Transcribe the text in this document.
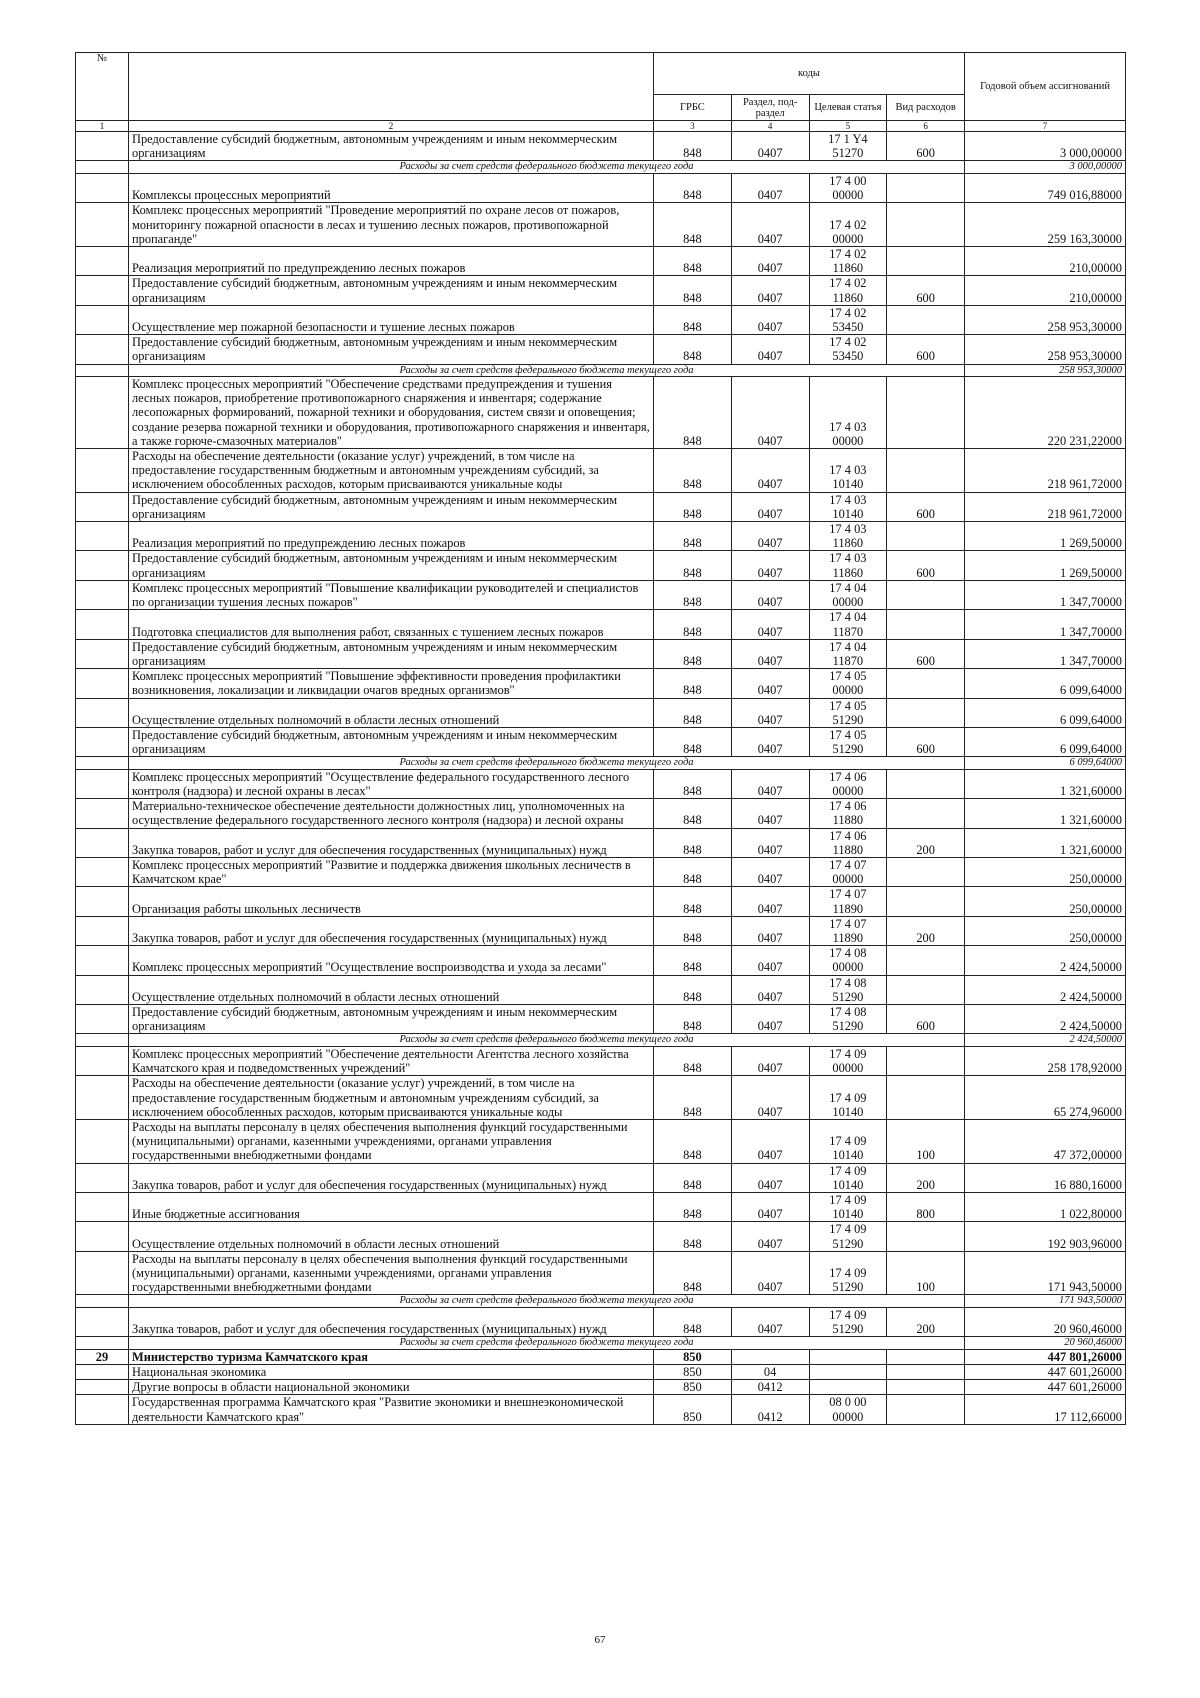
№		коды				Годовой объем ассигнований
		ГРБС	Раздел, под-раздел	Целевая статья	Вид расходов	
1	2	3	4	5	6	7
	Предоставление субсидий бюджетным, автономным учреждениям и иным некоммерческим организациям	848	0407	17 1 Y4 51270	600	3 000,00000
	Расходы за счет средств федерального бюджета текущего года					3 000,00000
	Комплексы процессных мероприятий	848	0407	17 4 00 00000		749 016,88000
	Комплекс процессных мероприятий "Проведение мероприятий по охране лесов от пожаров, мониторингу пожарной опасности в лесах и тушению лесных пожаров, противопожарной пропаганде"	848	0407	17 4 02 00000		259 163,30000
	Реализация мероприятий по предупреждению лесных пожаров	848	0407	17 4 02 11860		210,00000
	Предоставление субсидий бюджетным, автономным учреждениям и иным некоммерческим организациям	848	0407	17 4 02 11860	600	210,00000
	Осуществление мер пожарной безопасности и тушение лесных пожаров	848	0407	17 4 02 53450		258 953,30000
	Предоставление субсидий бюджетным, автономным учреждениям и иным некоммерческим организациям	848	0407	17 4 02 53450	600	258 953,30000
	Расходы за счет средств федерального бюджета текущего года					258 953,30000
	Комплекс процессных мероприятий "Обеспечение средствами предупреждения и тушения лесных пожаров, приобретение противопожарного снаряжения и инвентаря; содержание лесопожарных формирований, пожарной техники и оборудования, систем связи и оповещения; создание резерва пожарной техники и оборудования, противопожарного снаряжения и инвентаря, а также горюче-смазочных материалов"	848	0407	17 4 03 00000		220 231,22000
	Расходы на обеспечение деятельности (оказание услуг) учреждений, в том числе на предоставление государственным бюджетным и автономным учреждениям субсидий, за исключением обособленных расходов, которым присваиваются уникальные коды	848	0407	17 4 03 10140		218 961,72000
	Предоставление субсидий бюджетным, автономным учреждениям и иным некоммерческим организациям	848	0407	17 4 03 10140	600	218 961,72000
	Реализация мероприятий по предупреждению лесных пожаров	848	0407	17 4 03 11860		1 269,50000
	Предоставление субсидий бюджетным, автономным учреждениям и иным некоммерческим организациям	848	0407	17 4 03 11860	600	1 269,50000
	Комплекс процессных мероприятий "Повышение квалификации руководителей и специалистов по организации тушения лесных пожаров"	848	0407	17 4 04 00000		1 347,70000
	Подготовка специалистов для выполнения работ, связанных с тушением лесных пожаров	848	0407	17 4 04 11870		1 347,70000
	Предоставление субсидий бюджетным, автономным учреждениям и иным некоммерческим организациям	848	0407	17 4 04 11870	600	1 347,70000
	Комплекс процессных мероприятий "Повышение эффективности проведения профилактики возникновения, локализации и ликвидации очагов вредных организмов"	848	0407	17 4 05 00000		6 099,64000
	Осуществление отдельных полномочий в области лесных отношений	848	0407	17 4 05 51290		6 099,64000
	Предоставление субсидий бюджетным, автономным учреждениям и иным некоммерческим организациям	848	0407	17 4 05 51290	600	6 099,64000
	Расходы за счет средств федерального бюджета текущего года					6 099,64000
	Комплекс процессных мероприятий "Осуществление федерального государственного лесного контроля (надзора) и лесной охраны в лесах"	848	0407	17 4 06 00000		1 321,60000
	Материально-техническое обеспечение деятельности должностных лиц, уполномоченных на осуществление федерального государственного лесного контроля (надзора) и лесной охраны	848	0407	17 4 06 11880		1 321,60000
	Закупка товаров, работ и услуг для обеспечения государственных (муниципальных) нужд	848	0407	17 4 06 11880	200	1 321,60000
	Комплекс процессных мероприятий "Развитие и поддержка движения школьных лесничеств в Камчатском крае"	848	0407	17 4 07 00000		250,00000
	Организация работы школьных лесничеств	848	0407	17 4 07 11890		250,00000
	Закупка товаров, работ и услуг для обеспечения государственных (муниципальных) нужд	848	0407	17 4 07 11890	200	250,00000
	Комплекс процессных мероприятий "Осуществление воспроизводства и ухода за лесами"	848	0407	17 4 08 00000		2 424,50000
	Осуществление отдельных полномочий в области лесных отношений	848	0407	17 4 08 51290		2 424,50000
	Предоставление субсидий бюджетным, автономным учреждениям и иным некоммерческим организациям	848	0407	17 4 08 51290	600	2 424,50000
	Расходы за счет средств федерального бюджета текущего года					2 424,50000
	Комплекс процессных мероприятий "Обеспечение деятельности Агентства лесного хозяйства Камчатского края и подведомственных учреждений"	848	0407	17 4 09 00000		258 178,92000
	Расходы на обеспечение деятельности (оказание услуг) учреждений, в том числе на предоставление государственным бюджетным и автономным учреждениям субсидий, за исключением обособленных расходов, которым присваиваются уникальные коды	848	0407	17 4 09 10140		65 274,96000
	Расходы на выплаты персоналу в целях обеспечения выполнения функций государственными (муниципальными) органами, казенными учреждениями, органами управления государственными внебюджетными фондами	848	0407	17 4 09 10140	100	47 372,00000
	Закупка товаров, работ и услуг для обеспечения государственных (муниципальных) нужд	848	0407	17 4 09 10140	200	16 880,16000
	Иные бюджетные ассигнования	848	0407	17 4 09 10140	800	1 022,80000
	Осуществление отдельных полномочий в области лесных отношений	848	0407	17 4 09 51290		192 903,96000
	Расходы на выплаты персоналу в целях обеспечения выполнения функций государственными (муниципальными) органами, казенными учреждениями, органами управления государственными внебюджетными фондами	848	0407	17 4 09 51290	100	171 943,50000
	Расходы за счет средств федерального бюджета текущего года					171 943,50000
	Закупка товаров, работ и услуг для обеспечения государственных (муниципальных) нужд	848	0407	17 4 09 51290	200	20 960,46000
	Расходы за счет средств федерального бюджета текущего года					20 960,46000
29	Министерство туризма Камчатского края	850				447 801,26000
	Национальная экономика	850	04			447 601,26000
	Другие вопросы в области национальной экономики	850	0412			447 601,26000
	Государственная программа Камчатского края "Развитие экономики и внешнеэкономической деятельности Камчатского края"	850	0412	08 0 00 00000		17 112,66000
67
